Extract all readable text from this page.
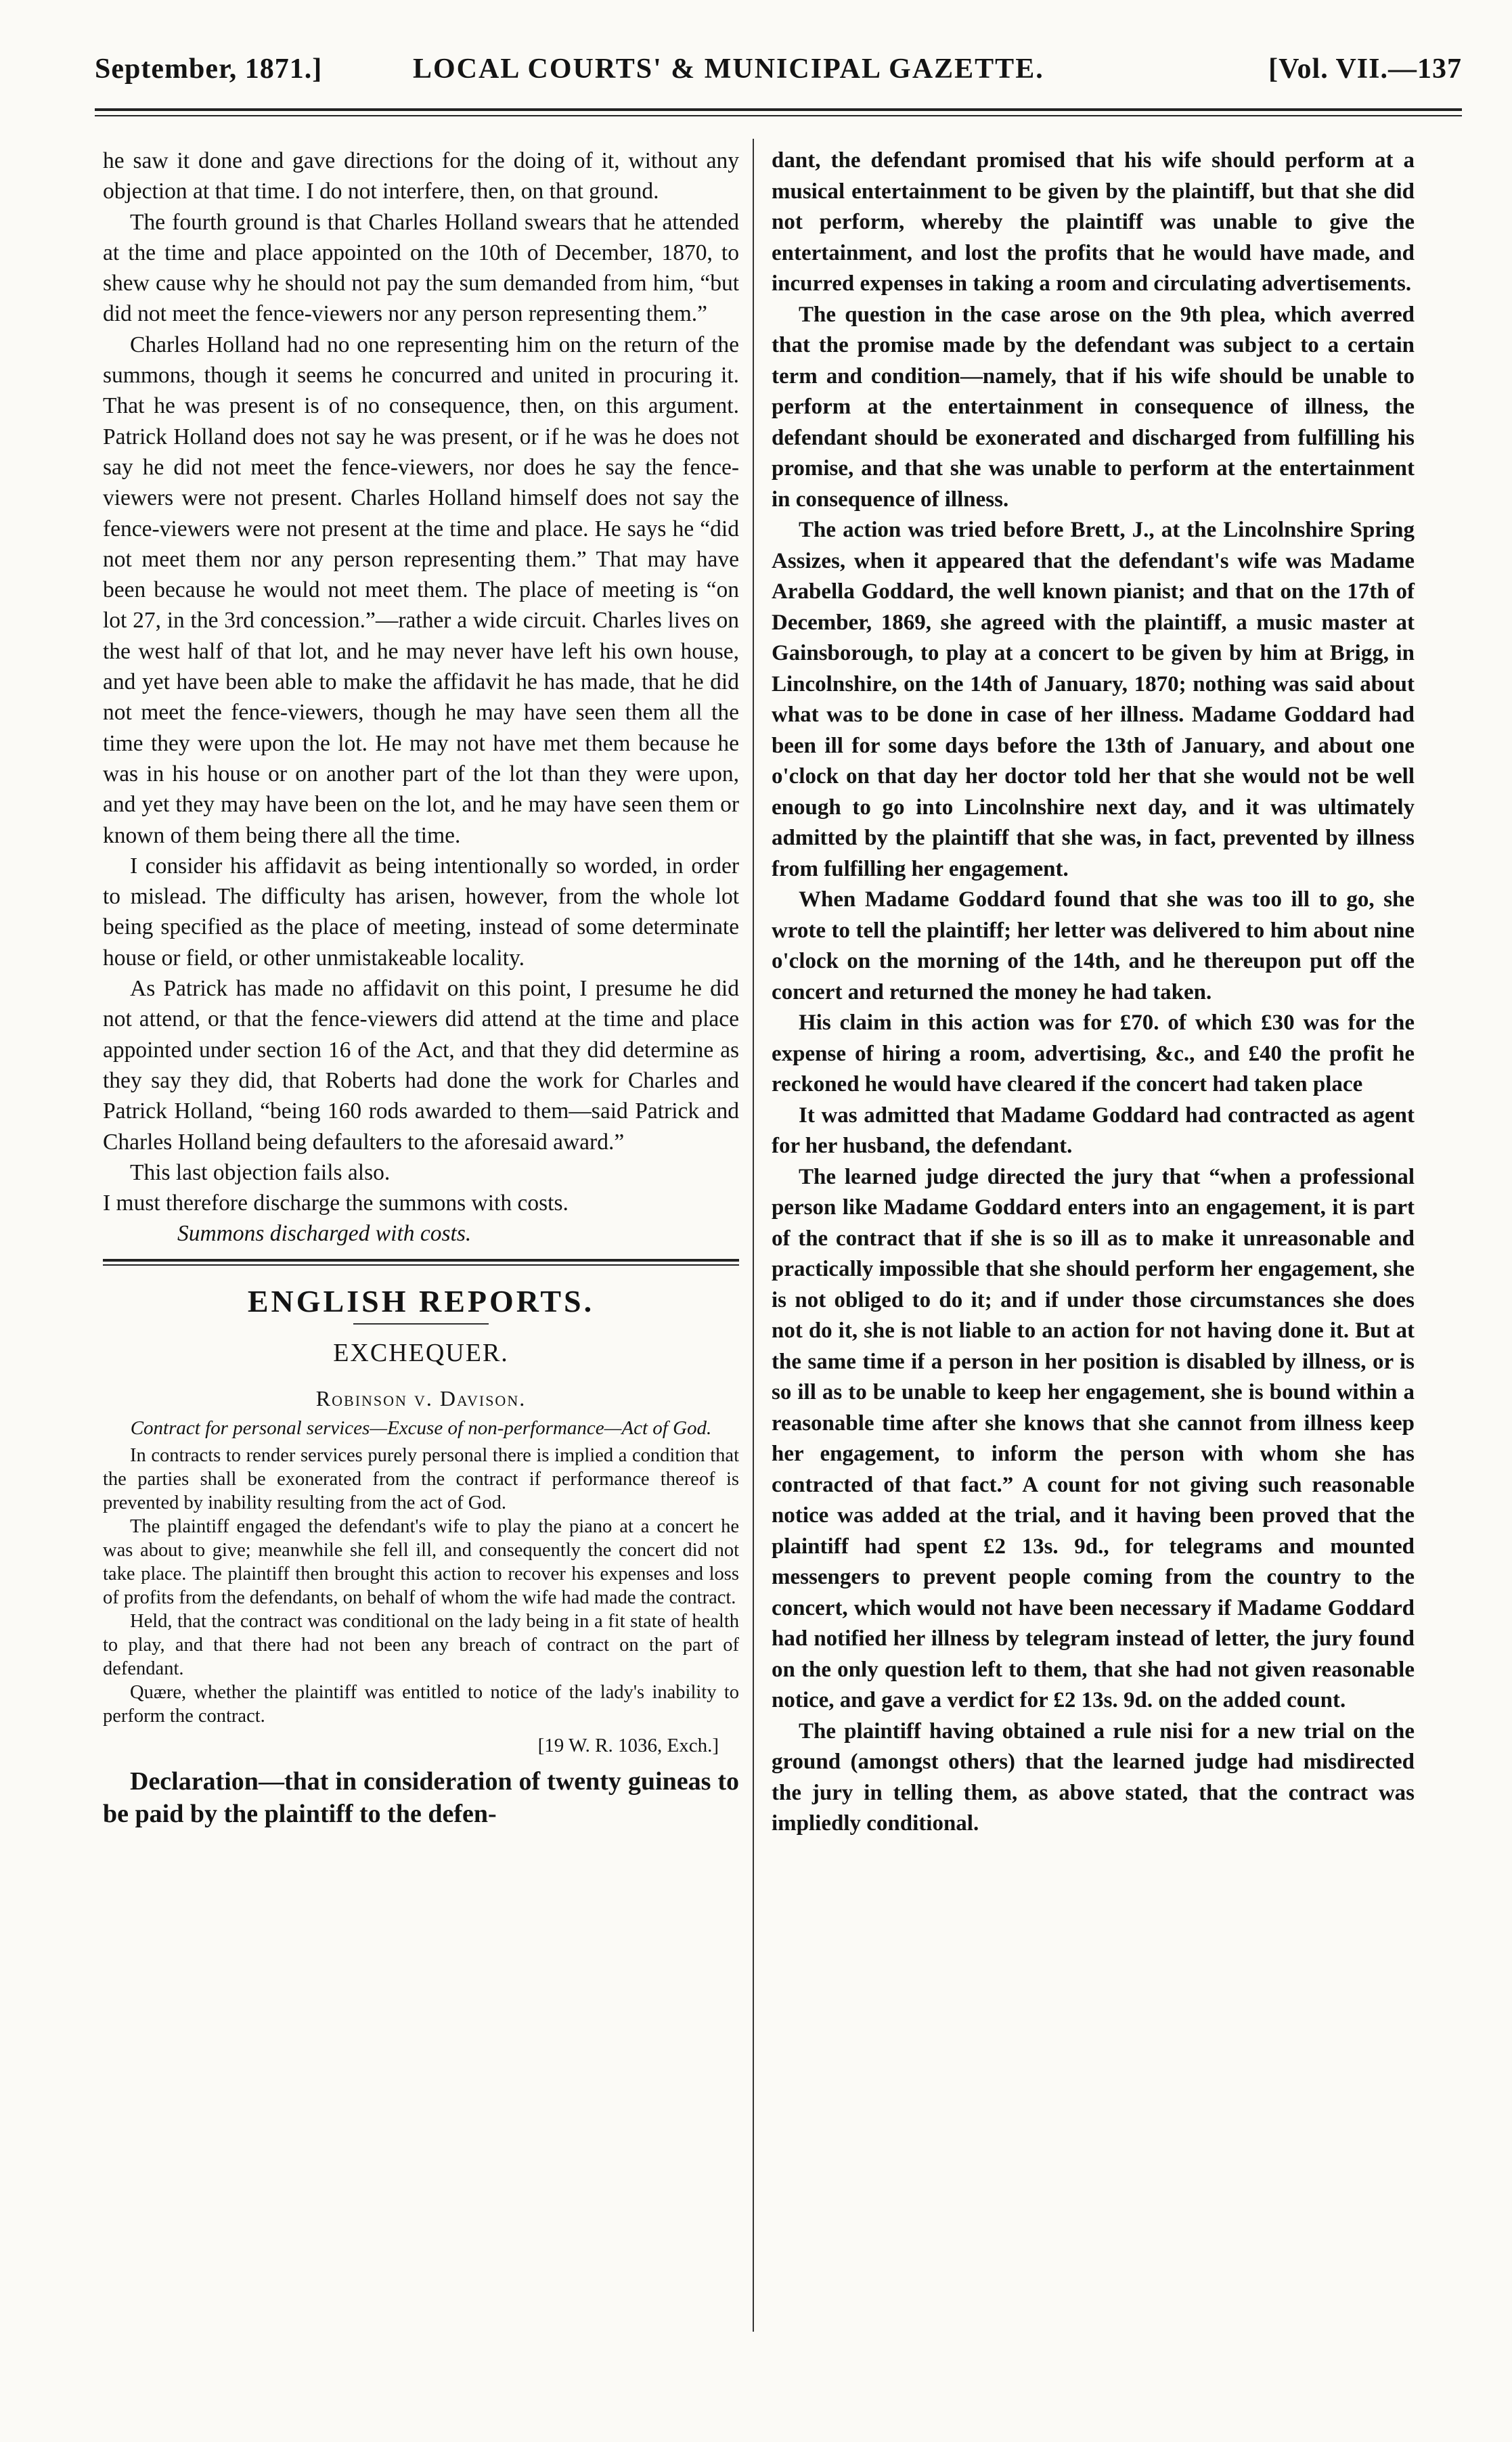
September, 1871.]	LOCAL COURTS' & MUNICIPAL GAZETTE.	[Vol. VII.—137

he saw it done and gave directions for the doing of it, without any objection at that time. I do not interfere, then, on that ground.

The fourth ground is that Charles Holland swears that he attended at the time and place appointed on the 10th of December, 1870, to shew cause why he should not pay the sum demanded from him, “but did not meet the fence-viewers nor any person representing them.”

Charles Holland had no one representing him on the return of the summons, though it seems he concurred and united in procuring it. That he was present is of no consequence, then, on this argument. Patrick Holland does not say he was present, or if he was he does not say he did not meet the fence-viewers, nor does he say the fence-viewers were not present. Charles Holland himself does not say the fence-viewers were not present at the time and place. He says he “did not meet them nor any person representing them.” That may have been because he would not meet them. The place of meeting is “on lot 27, in the 3rd concession.”—rather a wide circuit. Charles lives on the west half of that lot, and he may never have left his own house, and yet have been able to make the affidavit he has made, that he did not meet the fence-viewers, though he may have seen them all the time they were upon the lot. He may not have met them because he was in his house or on another part of the lot than they were upon, and yet they may have been on the lot, and he may have seen them or known of them being there all the time.

I consider his affidavit as being intentionally so worded, in order to mislead. The difficulty has arisen, however, from the whole lot being specified as the place of meeting, instead of some determinate house or field, or other unmistakeable locality.

As Patrick has made no affidavit on this point, I presume he did not attend, or that the fence-viewers did attend at the time and place appointed under section 16 of the Act, and that they did determine as they say they did, that Roberts had done the work for Charles and Patrick Holland, “being 160 rods awarded to them—said Patrick and Charles Holland being defaulters to the aforesaid award.”

This last objection fails also.

I must therefore discharge the summons with costs.
Summons discharged with costs.

ENGLISH REPORTS.
EXCHEQUER.
Robinson v. Davison.
Contract for personal services—Excuse of non-performance—Act of God.

In contracts to render services purely personal there is implied a condition that the parties shall be exonerated from the contract if performance thereof is prevented by inability resulting from the act of God.

The plaintiff engaged the defendant's wife to play the piano at a concert he was about to give; meanwhile she fell ill, and consequently the concert did not take place. The plaintiff then brought this action to recover his expenses and loss of profits from the defendants, on behalf of whom the wife had made the contract.

Held, that the contract was conditional on the lady being in a fit state of health to play, and that there had not been any breach of contract on the part of defendant.

Quære, whether the plaintiff was entitled to notice of the lady's inability to perform the contract.

[19 W. R. 1036, Exch.]

Declaration—that in consideration of twenty guineas to be paid by the plaintiff to the defen-

dant, the defendant promised that his wife should perform at a musical entertainment to be given by the plaintiff, but that she did not perform, whereby the plaintiff was unable to give the entertainment, and lost the profits that he would have made, and incurred expenses in taking a room and circulating advertisements.

The question in the case arose on the 9th plea, which averred that the promise made by the defendant was subject to a certain term and condition—namely, that if his wife should be unable to perform at the entertainment in consequence of illness, the defendant should be exonerated and discharged from fulfilling his promise, and that she was unable to perform at the entertainment in consequence of illness.

The action was tried before Brett, J., at the Lincolnshire Spring Assizes, when it appeared that the defendant's wife was Madame Arabella Goddard, the well known pianist; and that on the 17th of December, 1869, she agreed with the plaintiff, a music master at Gainsborough, to play at a concert to be given by him at Brigg, in Lincolnshire, on the 14th of January, 1870; nothing was said about what was to be done in case of her illness. Madame Goddard had been ill for some days before the 13th of January, and about one o'clock on that day her doctor told her that she would not be well enough to go into Lincolnshire next day, and it was ultimately admitted by the plaintiff that she was, in fact, prevented by illness from fulfilling her engagement.

When Madame Goddard found that she was too ill to go, she wrote to tell the plaintiff; her letter was delivered to him about nine o'clock on the morning of the 14th, and he thereupon put off the concert and returned the money he had taken.

His claim in this action was for £70. of which £30 was for the expense of hiring a room, advertising, &c., and £40 the profit he reckoned he would have cleared if the concert had taken place

It was admitted that Madame Goddard had contracted as agent for her husband, the defendant.

The learned judge directed the jury that “when a professional person like Madame Goddard enters into an engagement, it is part of the contract that if she is so ill as to make it unreasonable and practically impossible that she should perform her engagement, she is not obliged to do it; and if under those circumstances she does not do it, she is not liable to an action for not having done it. But at the same time if a person in her position is disabled by illness, or is so ill as to be unable to keep her engagement, she is bound within a reasonable time after she knows that she cannot from illness keep her engagement, to inform the person with whom she has contracted of that fact.” A count for not giving such reasonable notice was added at the trial, and it having been proved that the plaintiff had spent £2 13s. 9d., for telegrams and mounted messengers to prevent people coming from the country to the concert, which would not have been necessary if Madame Goddard had notified her illness by telegram instead of letter, the jury found on the only question left to them, that she had not given reasonable notice, and gave a verdict for £2 13s. 9d. on the added count.

The plaintiff having obtained a rule nisi for a new trial on the ground (amongst others) that the learned judge had misdirected the jury in telling them, as above stated, that the contract was impliedly conditional.
